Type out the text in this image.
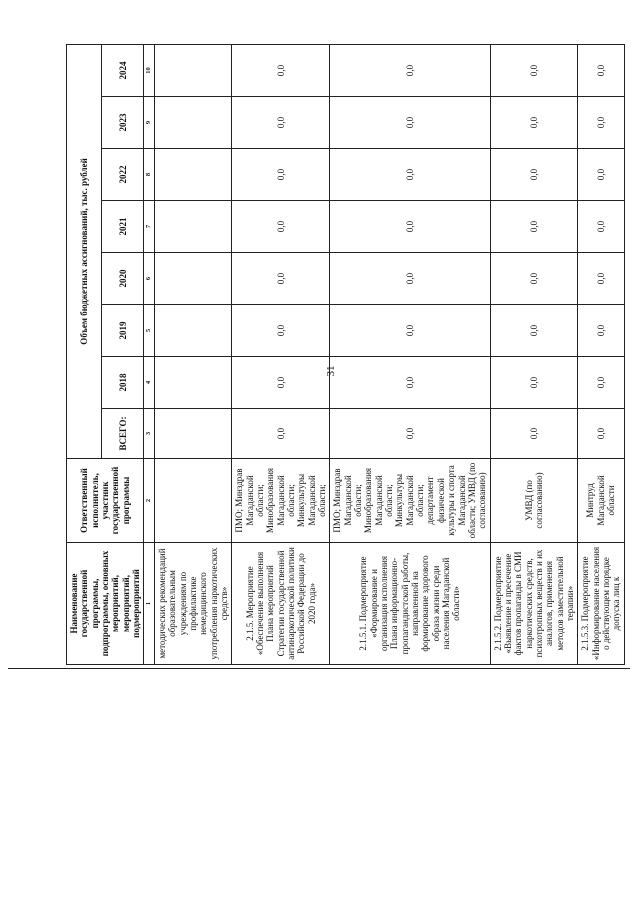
31
Наименование государственной программы, подпрограммы, основных мероприятий, мероприятий, подмероприятий	Ответственный исполнитель, участник государственной программы	Объем бюджетных ассигнований, тыс. рублей							
		ВСЕГО:	2018	2019	2020	2021	2022	2023	2024
1	2	3	4	5	6	7	8	9	10
методических рекомендаций образовательным учреждениям по профилактике немедицинского употребления наркотических средств»									
2.1.5. Мероприятие «Обеспечение выполнения Плана мероприятий Стратегии государственной антинаркотической политики Российской Федерации до 2020 года»	ПМО; Минздрав Магаданской области; Минобразования Магаданской области; Минкультуры Магаданской области;	0,0	0,0	0,0	0,0	0,0	0,0	0,0	0,0
2.1.5.1. Подмероприятие «Формирование и организация исполнения Плана информационно-пропагандистской работы, направленной на формирование здорового образа жизни среди населения Магаданской области»	ПМО; Минздрав Магаданской области; Минобразования Магаданской области; Минкультуры Магаданской области; департамент физической культуры и спорта Магаданской области; УМВД (по согласованию)	0,0	0,0	0,0	0,0	0,0	0,0	0,0	0,0
2.1.5.2. Подмероприятие «Выявление и пресечение фактов пропаганды в СМИ наркотических средств, психотропных веществ и их аналогов, применения методов заместительной терапии»	УМВД (по согласованию)	0,0	0,0	0,0	0,0	0,0	0,0	0,0	0,0
2.1.5.3. Подмероприятие «Информирование населения о действующем порядке допуска лиц к	Минтруд Магаданской области	0,0	0,0	0,0	0,0	0,0	0,0	0,0	0,0
